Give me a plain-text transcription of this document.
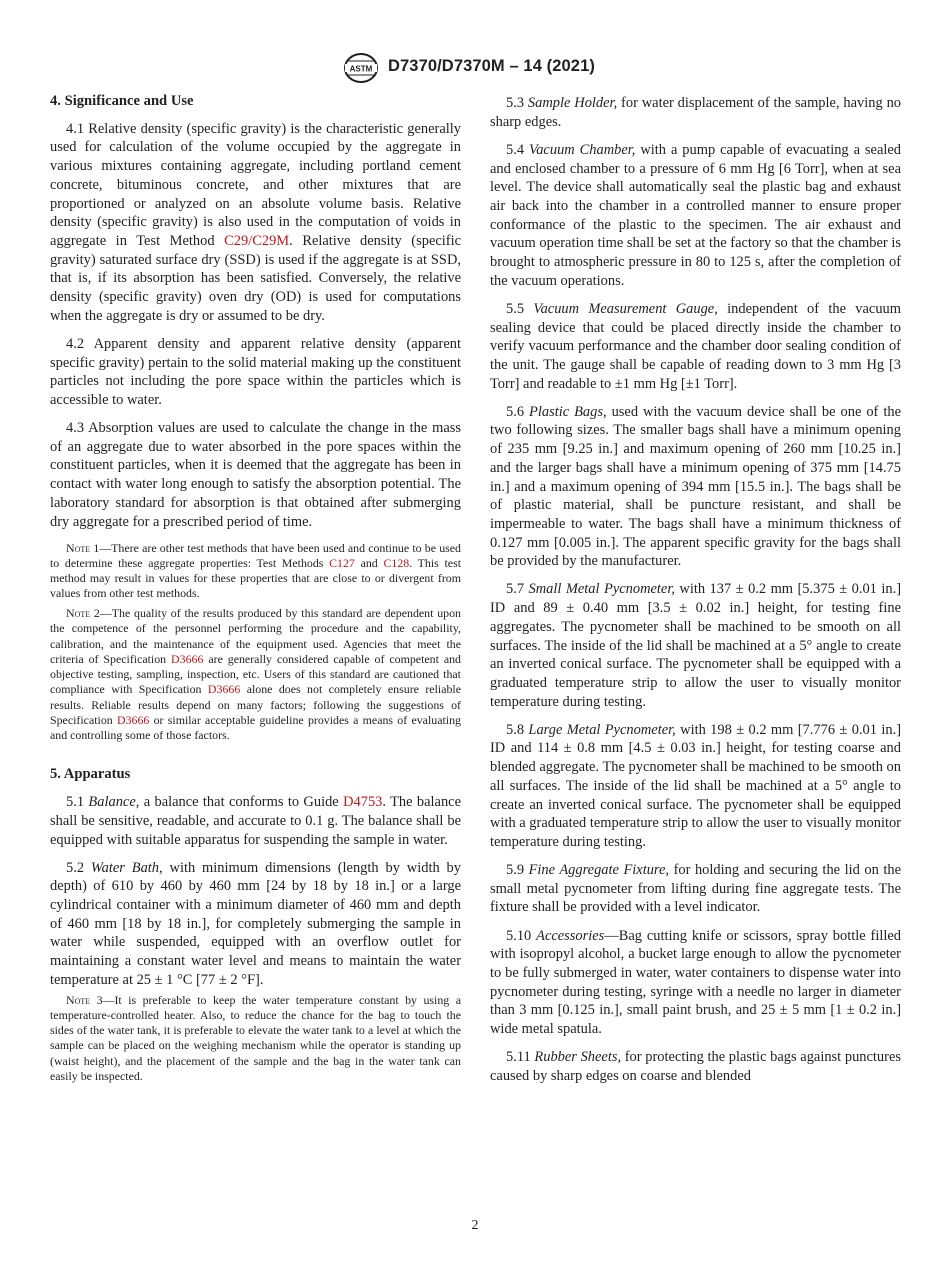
ASTM D7370/D7370M – 14 (2021)
4. Significance and Use

4.1 Relative density (specific gravity) is the characteristic generally used for calculation of the volume occupied by the aggregate in various mixtures containing aggregate, including portland cement concrete, bituminous concrete, and other mixtures that are proportioned or analyzed on an absolute volume basis. Relative density (specific gravity) is also used in the computation of voids in aggregate in Test Method C29/C29M. Relative density (specific gravity) saturated surface dry (SSD) is used if the aggregate is at SSD, that is, if its absorption has been satisfied. Conversely, the relative density (specific gravity) oven dry (OD) is used for computations when the aggregate is dry or assumed to be dry.

4.2 Apparent density and apparent relative density (apparent specific gravity) pertain to the solid material making up the constituent particles not including the pore space within the particles which is accessible to water.

4.3 Absorption values are used to calculate the change in the mass of an aggregate due to water absorbed in the pore spaces within the constituent particles, when it is deemed that the aggregate has been in contact with water long enough to satisfy the absorption potential. The laboratory standard for absorption is that obtained after submerging dry aggregate for a prescribed period of time.

Note 1—There are other test methods that have been used and continue to be used to determine these aggregate properties: Test Methods C127 and C128. This test method may result in values for these properties that are close to or divergent from values from other test methods.

Note 2—The quality of the results produced by this standard are dependent upon the competence of the personnel performing the procedure and the capability, calibration, and the maintenance of the equipment used. Agencies that meet the criteria of Specification D3666 are generally considered capable of competent and objective testing, sampling, inspection, etc. Users of this standard are cautioned that compliance with Specification D3666 alone does not completely ensure reliable results. Reliable results depend on many factors; following the suggestions of Specification D3666 or similar acceptable guideline provides a means of evaluating and controlling some of those factors.

5. Apparatus

5.1 Balance, a balance that conforms to Guide D4753. The balance shall be sensitive, readable, and accurate to 0.1 g. The balance shall be equipped with suitable apparatus for suspending the sample in water.

5.2 Water Bath, with minimum dimensions (length by width by depth) of 610 by 460 by 460 mm [24 by 18 by 18 in.] or a large cylindrical container with a minimum diameter of 460 mm and depth of 460 mm [18 by 18 in.], for completely submerging the sample in water while suspended, equipped with an overflow outlet for maintaining a constant water level and means to maintain the water temperature at 25 ± 1 °C [77 ± 2 °F].

Note 3—It is preferable to keep the water temperature constant by using a temperature-controlled heater. Also, to reduce the chance for the bag to touch the sides of the water tank, it is preferable to elevate the water tank to a level at which the sample can be placed on the weighing mechanism while the operator is standing up (waist height), and the placement of the sample and the bag in the water tank can easily be inspected.

5.3 Sample Holder, for water displacement of the sample, having no sharp edges.

5.4 Vacuum Chamber, with a pump capable of evacuating a sealed and enclosed chamber to a pressure of 6 mm Hg [6 Torr], when at sea level. The device shall automatically seal the plastic bag and exhaust air back into the chamber in a controlled manner to ensure proper conformance of the plastic to the specimen. The air exhaust and vacuum operation time shall be set at the factory so that the chamber is brought to atmospheric pressure in 80 to 125 s, after the completion of the vacuum operations.

5.5 Vacuum Measurement Gauge, independent of the vacuum sealing device that could be placed directly inside the chamber to verify vacuum performance and the chamber door sealing condition of the unit. The gauge shall be capable of reading down to 3 mm Hg [3 Torr] and readable to ±1 mm Hg [±1 Torr].

5.6 Plastic Bags, used with the vacuum device shall be one of the two following sizes. The smaller bags shall have a minimum opening of 235 mm [9.25 in.] and maximum opening of 260 mm [10.25 in.] and the larger bags shall have a minimum opening of 375 mm [14.75 in.] and a maximum opening of 394 mm [15.5 in.]. The bags shall be of plastic material, shall be puncture resistant, and shall be impermeable to water. The bags shall have a minimum thickness of 0.127 mm [0.005 in.]. The apparent specific gravity for the bags shall be provided by the manufacturer.

5.7 Small Metal Pycnometer, with 137 ± 0.2 mm [5.375 ± 0.01 in.] ID and 89 ± 0.40 mm [3.5 ± 0.02 in.] height, for testing fine aggregates. The pycnometer shall be machined to be smooth on all surfaces. The inside of the lid shall be machined at a 5° angle to create an inverted conical surface. The pycnometer shall be equipped with a graduated temperature strip to allow the user to visually monitor temperature during testing.

5.8 Large Metal Pycnometer, with 198 ± 0.2 mm [7.776 ± 0.01 in.] ID and 114 ± 0.8 mm [4.5 ± 0.03 in.] height, for testing coarse and blended aggregate. The pycnometer shall be machined to be smooth on all surfaces. The inside of the lid shall be machined at a 5° angle to create an inverted conical surface. The pycnometer shall be equipped with a graduated temperature strip to allow the user to visually monitor temperature during testing.

5.9 Fine Aggregate Fixture, for holding and securing the lid on the small metal pycnometer from lifting during fine aggregate tests. The fixture shall be provided with a level indicator.

5.10 Accessories—Bag cutting knife or scissors, spray bottle filled with isopropyl alcohol, a bucket large enough to allow the pycnometer to be fully submerged in water, water containers to dispense water into pycnometer during testing, syringe with a needle no larger in diameter than 3 mm [0.125 in.], small paint brush, and 25 ± 5 mm [1 ± 0.2 in.] wide metal spatula.

5.11 Rubber Sheets, for protecting the plastic bags against punctures caused by sharp edges on coarse and blended

2
